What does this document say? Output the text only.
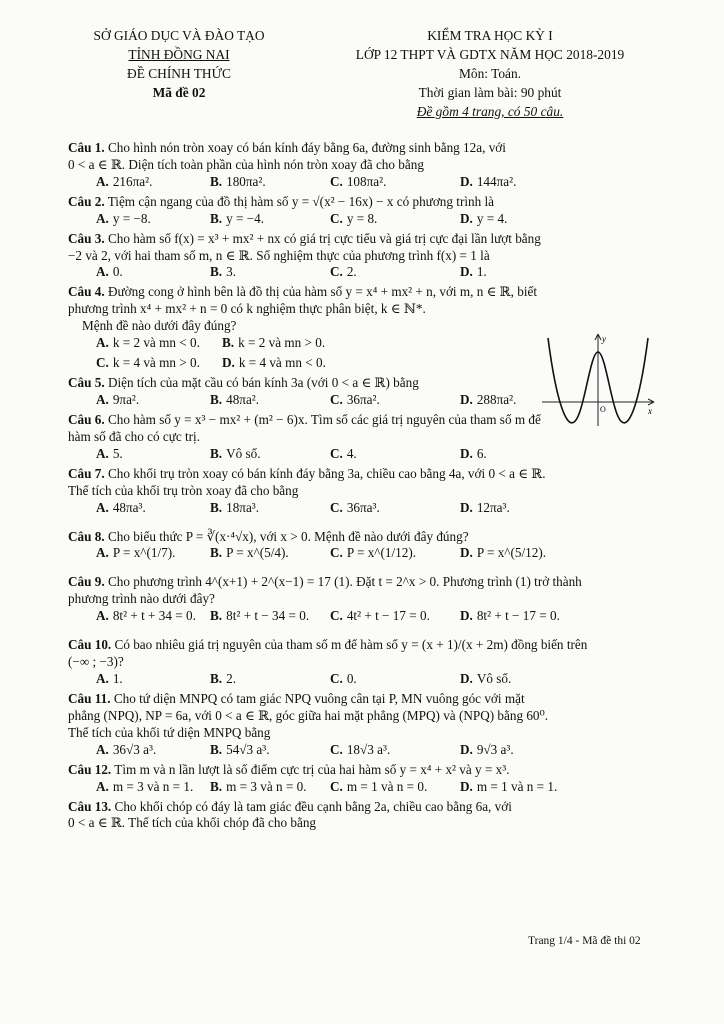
SỞ GIÁO DỤC VÀ ĐÀO TẠO
TỈNH ĐỒNG NAI
ĐỀ CHÍNH THỨC
Mã đề 02
KIỂM TRA HỌC KỲ I
LỚP 12 THPT VÀ GDTX NĂM HỌC 2018-2019
Môn: Toán.
Thời gian làm bài: 90 phút
Đề gồm 4 trang, có 50 câu.
Câu 1. Cho hình nón tròn xoay có bán kính đáy bằng 6a, đường sinh bằng 12a, với
0 < a ∈ ℝ. Diện tích toàn phần của hình nón tròn xoay đã cho bằng
A. 216πa².	B. 180πa².	C. 108πa².	D. 144πa².
Câu 2. Tiệm cận ngang của đồ thị hàm số y = √(x² − 16x) − x có phương trình là
A. y = −8.	B. y = −4.	C. y = 8.	D. y = 4.
Câu 3. Cho hàm số f(x) = x³ + mx² + nx có giá trị cực tiểu và giá trị cực đại lần lượt bằng
−2 và 2, với hai tham số m, n ∈ ℝ. Số nghiệm thực của phương trình f(x) = 1 là
A. 0.	B. 3.	C. 2.	D. 1.
Câu 4. Đường cong ở hình bên là đồ thị của hàm số y = x⁴ + mx² + n, với m, n ∈ ℝ, biết
phương trình x⁴ + mx² + n = 0 có k nghiệm thực phân biệt, k ∈ ℕ*.
Mệnh đề nào dưới đây đúng?
A. k = 2 và mn < 0. B. k = 2 và mn > 0.
C. k = 4 và mn > 0. D. k = 4 và mn < 0.
Câu 5. Diện tích của mặt cầu có bán kính 3a (với 0 < a ∈ ℝ) bằng
A. 9πa².	B. 48πa².	C. 36πa².	D. 288πa².
Câu 6. Cho hàm số y = x³ − mx² + (m² − 6)x. Tìm số các giá trị nguyên của tham số m để
hàm số đã cho có cực trị.
A. 5.	B. Vô số.	C. 4.	D. 6.
Câu 7. Cho khối trụ tròn xoay có bán kính đáy bằng 3a, chiều cao bằng 4a, với 0 < a ∈ ℝ.
Thể tích của khối trụ tròn xoay đã cho bằng
A. 48πa³.	B. 18πa³.	C. 36πa³.	D. 12πa³.
Câu 8. Cho biểu thức P = ∛(x·⁴√x), với x > 0. Mệnh đề nào dưới đây đúng?
A. P = x^(1/7).	B. P = x^(5/4).	C. P = x^(1/12).	D. P = x^(5/12).
Câu 9. Cho phương trình 4^(x+1) + 2^(x−1) = 17 (1). Đặt t = 2^x > 0. Phương trình (1) trở thành
phương trình nào dưới đây?
A. 8t² + t + 34 = 0. B. 8t² + t − 34 = 0. C. 4t² + t − 17 = 0. D. 8t² + t − 17 = 0.
Câu 10. Có bao nhiêu giá trị nguyên của tham số m để hàm số y = (x + 1)/(x + 2m) đồng biến trên
(−∞ ; −3)?
A. 1.	B. 2.	C. 0.	D. Vô số.
Câu 11. Cho tứ diện MNPQ có tam giác NPQ vuông cân tại P, MN vuông góc với mặt
phẳng (NPQ), NP = 6a, với 0 < a ∈ ℝ, góc giữa hai mặt phẳng (MPQ) và (NPQ) bằng 60⁰.
Thể tích của khối tứ diện MNPQ bằng
A. 36√3 a³.	B. 54√3 a³.	C. 18√3 a³.	D. 9√3 a³.
Câu 12. Tìm m và n lần lượt là số điểm cực trị của hai hàm số y = x⁴ + x² và y = x³.
A. m = 3 và n = 1. B. m = 3 và n = 0. C. m = 1 và n = 0. D. m = 1 và n = 1.
Câu 13. Cho khối chóp có đáy là tam giác đều cạnh bằng 2a, chiều cao bằng 6a, với
0 < a ∈ ℝ. Thể tích của khối chóp đã cho bằng
y
x
O
Trang 1/4 - Mã đề thi 02
